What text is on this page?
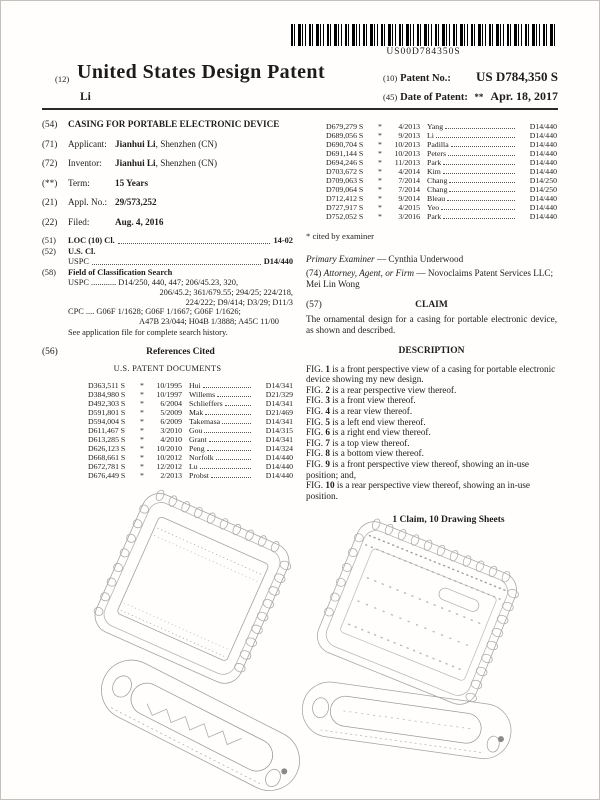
US00D784350S
(12) United States Design Patent
Li
(10) Patent No.:	US D784,350 S
(45) Date of Patent: ** Apr. 18, 2017
(54)	CASING FOR PORTABLE ELECTRONIC DEVICE
(71)	Applicant: Jianhui Li, Shenzhen (CN)
(72)	Inventor:	Jianhui Li, Shenzhen (CN)
(**)	Term:	15 Years
(21)	Appl. No.: 29/573,252
(22)	Filed:	Aug. 4, 2016
(51)	LOC (10) Cl.	14-02
(52)	U.S. Cl.
USPC	D14/440
(58)	Field of Classification Search
USPC ............ D14/250, 440, 447; 206/45.23, 320,
206/45.2; 361/679.55; 294/25; 224/218,
224/222; D9/414; D3/29; D11/3
CPC .... G06F 1/1628; G06F 1/1667; G06F 1/1626;
A47B 23/044; H04B 1/3888; A45C 11/00
See application file for complete search history.
(56)	References Cited
U.S. PATENT DOCUMENTS
D363,511 S	*	10/1995 Hui	D14/341
D384,980 S	*	10/1997 Willems	D21/329
D492,303 S	*	6/2004 Schlieffers	D14/341
D591,801 S	*	5/2009 Mak	D21/469
D594,004 S	*	6/2009 Takemasa	D14/341
D611,467 S	*	3/2010 Gou	D14/315
D613,285 S	*	4/2010 Grant	D14/341
D626,123 S	*	10/2010 Peng	D14/324
D668,661 S	*	10/2012 Norfolk	D14/440
D672,781 S	*	12/2012 Lu	D14/440
D676,449 S	*	2/2013 Probst	D14/440
D679,279 S	*	4/2013 Yang	D14/440
D689,056 S	*	9/2013 Li	D14/440
D690,704 S	*	10/2013 Padilla	D14/440
D691,144 S	*	10/2013 Peters	D14/440
D694,246 S	*	11/2013 Park	D14/440
D703,672 S	*	4/2014 Kim	D14/440
D709,063 S	*	7/2014 Chang	D14/250
D709,064 S	*	7/2014 Chang	D14/250
D712,412 S	*	9/2014 Bleau	D14/440
D727,917 S	*	4/2015 Yeo	D14/440
D752,052 S	*	3/2016 Park	D14/440
* cited by examiner
Primary Examiner — Cynthia Underwood
(74) Attorney, Agent, or Firm — Novoclaims Patent Services LLC; Mei Lin Wong
(57)	CLAIM
The ornamental design for a casing for portable electronic device, as shown and described.
DESCRIPTION
FIG. 1 is a front perspective view of a casing for portable electronic device showing my new design.
FIG. 2 is a rear perspective view thereof.
FIG. 3 is a front view thereof.
FIG. 4 is a rear view thereof.
FIG. 5 is a left end view thereof.
FIG. 6 is a right end view thereof.
FIG. 7 is a top view thereof.
FIG. 8 is a bottom view thereof.
FIG. 9 is a front perspective view thereof, showing an in-use position; and,
FIG. 10 is a rear perspective view thereof, showing an in-use position.
1 Claim, 10 Drawing Sheets
